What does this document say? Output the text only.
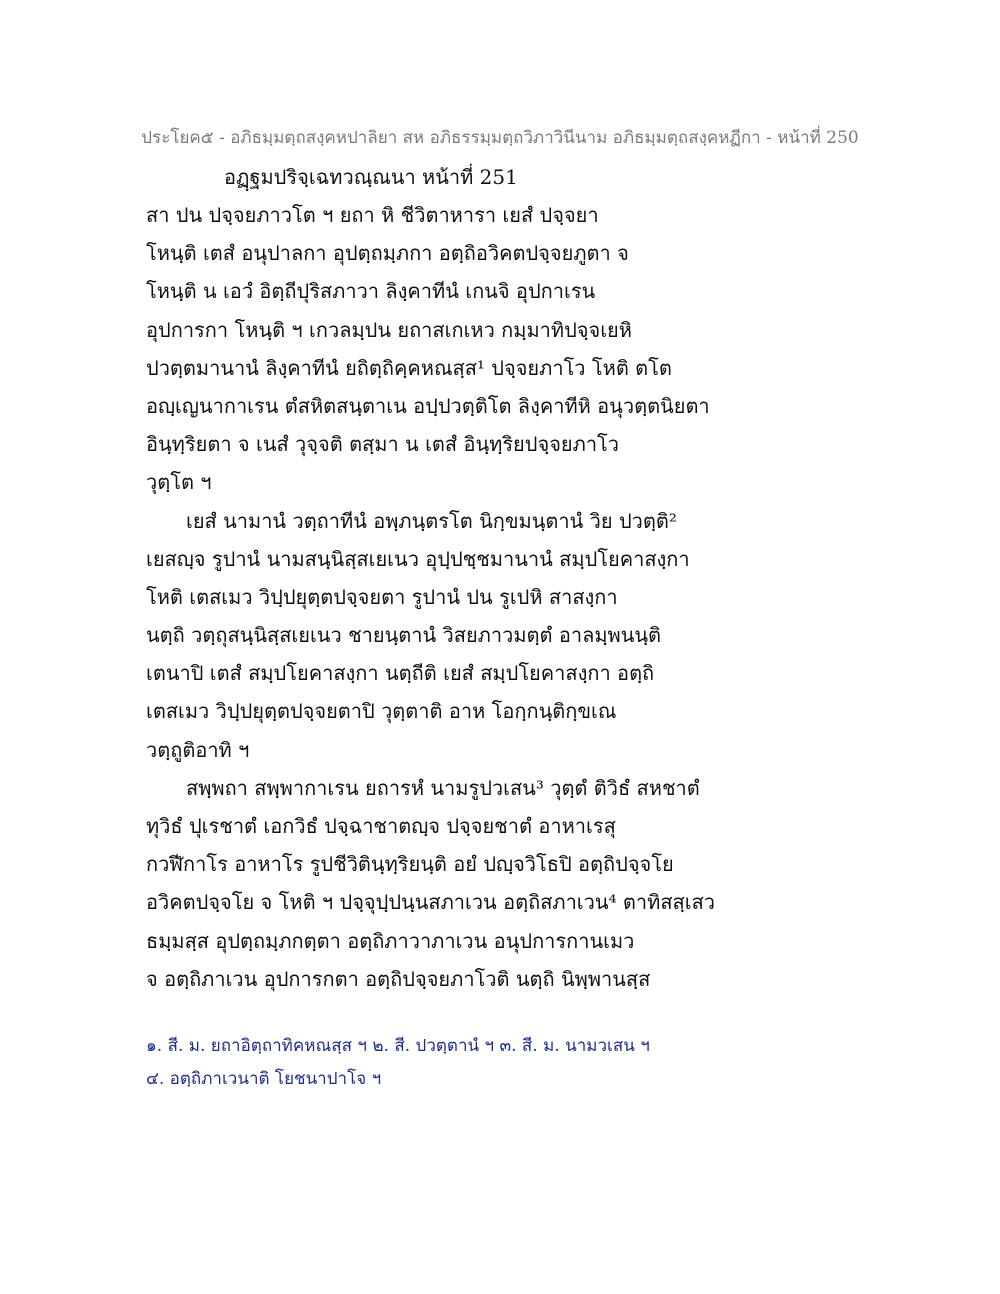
ประโยค๕ - อภิธมฺมตฺถสงฺคหปาลิยา สห อภิธรรมฺมตฺถวิภาวินีนาม อภิธมฺมตฺถสงฺคหฏีกา - หน้าที่ 250
อฏฺฐมปริจฺเฉทวณฺณนา หน้าที่ 251
สา ปน ปจฺจยภาวโต ฯ ยถา หิ ชีวิตาหารา เยสํ ปจฺจยา
โหนฺติ เตสํ อนุปาลกา อุปตฺถมฺภกา อตฺถิอวิคตปจฺจยภูตา จ
โหนฺติ น เอวํ อิตฺถีปุริสภาวา ลิงฺคาทีนํ เกนจิ อุปกาเรน
อุปการกา โหนฺติ ฯ เกวลมฺปน ยถาสเกเหว กมฺมาทิปจฺจเยหิ
ปวตฺตมานานํ ลิงฺคาทีนํ ยถิตฺถิคฺคหณสฺส¹ ปจฺจยภาโว โหติ ตโต
อญฺเญนากาเรน ตํสหิตสนฺตาเน อปฺปวตฺติโต ลิงฺคาทีหิ อนุวตฺตนิยตา
อินฺทฺริยตา จ เนสํ วุจฺจติ ตสฺมา น เตสํ อินฺทฺริยปจฺจยภาโว
วุตฺโต ฯ
เยสํ นามานํ วตฺถาทีนํ อพฺภนฺตรโต นิกฺขมนฺตานํ วิย ปวตฺติ²
เยสญฺจ รูปานํ นามสนฺนิสฺสเยเนว อุปฺปชฺชมานานํ สมฺปโยคาสงฺกา
โหติ เตสเมว วิปฺปยุตฺตปจฺจยตา รูปานํ ปน รูเปหิ สาสงฺกา
นตฺถิ วตฺถุสนฺนิสฺสเยเนว ชายนฺตานํ วิสยภาวมตฺตํ อาลมฺพนนฺติ
เตนาปิ เตสํ สมฺปโยคาสงฺกา นตฺถีติ เยสํ สมฺปโยคาสงฺกา อตฺถิ
เตสเมว วิปฺปยุตฺตปจฺจยตาปิ วุตฺตาติ อาห โอกฺกนฺติกฺขเณ
วตฺถูติอาทิ ฯ
สพฺพถา สพฺพากาเรน ยถารหํ นามรูปวเสน³ วุตฺตํ ติวิธํ สหชาตํ
ทุวิธํ ปุเรชาตํ เอกวิธํ ปจฺฉาชาตญฺจ ปจฺจยชาตํ อาหาเรสุ
กวฬีกาโร อาหาโร รูปชีวิตินฺทฺริยนฺติ อยํ ปญฺจวิโธปิ อตฺถิปจฺจโย
อวิคตปจฺจโย จ โหติ ฯ ปจฺจุปฺปนฺนสภาเวน อตฺถิสภาเวน⁴ ตาทิสสฺเสว
ธมฺมสฺส อุปตฺถมฺภกตฺตา อตฺถิภาวาภาเวน อนุปการกานเมว
จ อตฺถิภาเวน อุปการกตา อตฺถิปจฺจยภาโวติ นตฺถิ นิพฺพานสฺส
๑. สี. ม. ยถาอิตฺถาทิคหณสฺส ฯ ๒. สี. ปวตฺตานํ ฯ ๓. สี. ม. นามวเสน ฯ
๔. อตฺถิภาเวนาติ โยชนาปาโจ ฯ
